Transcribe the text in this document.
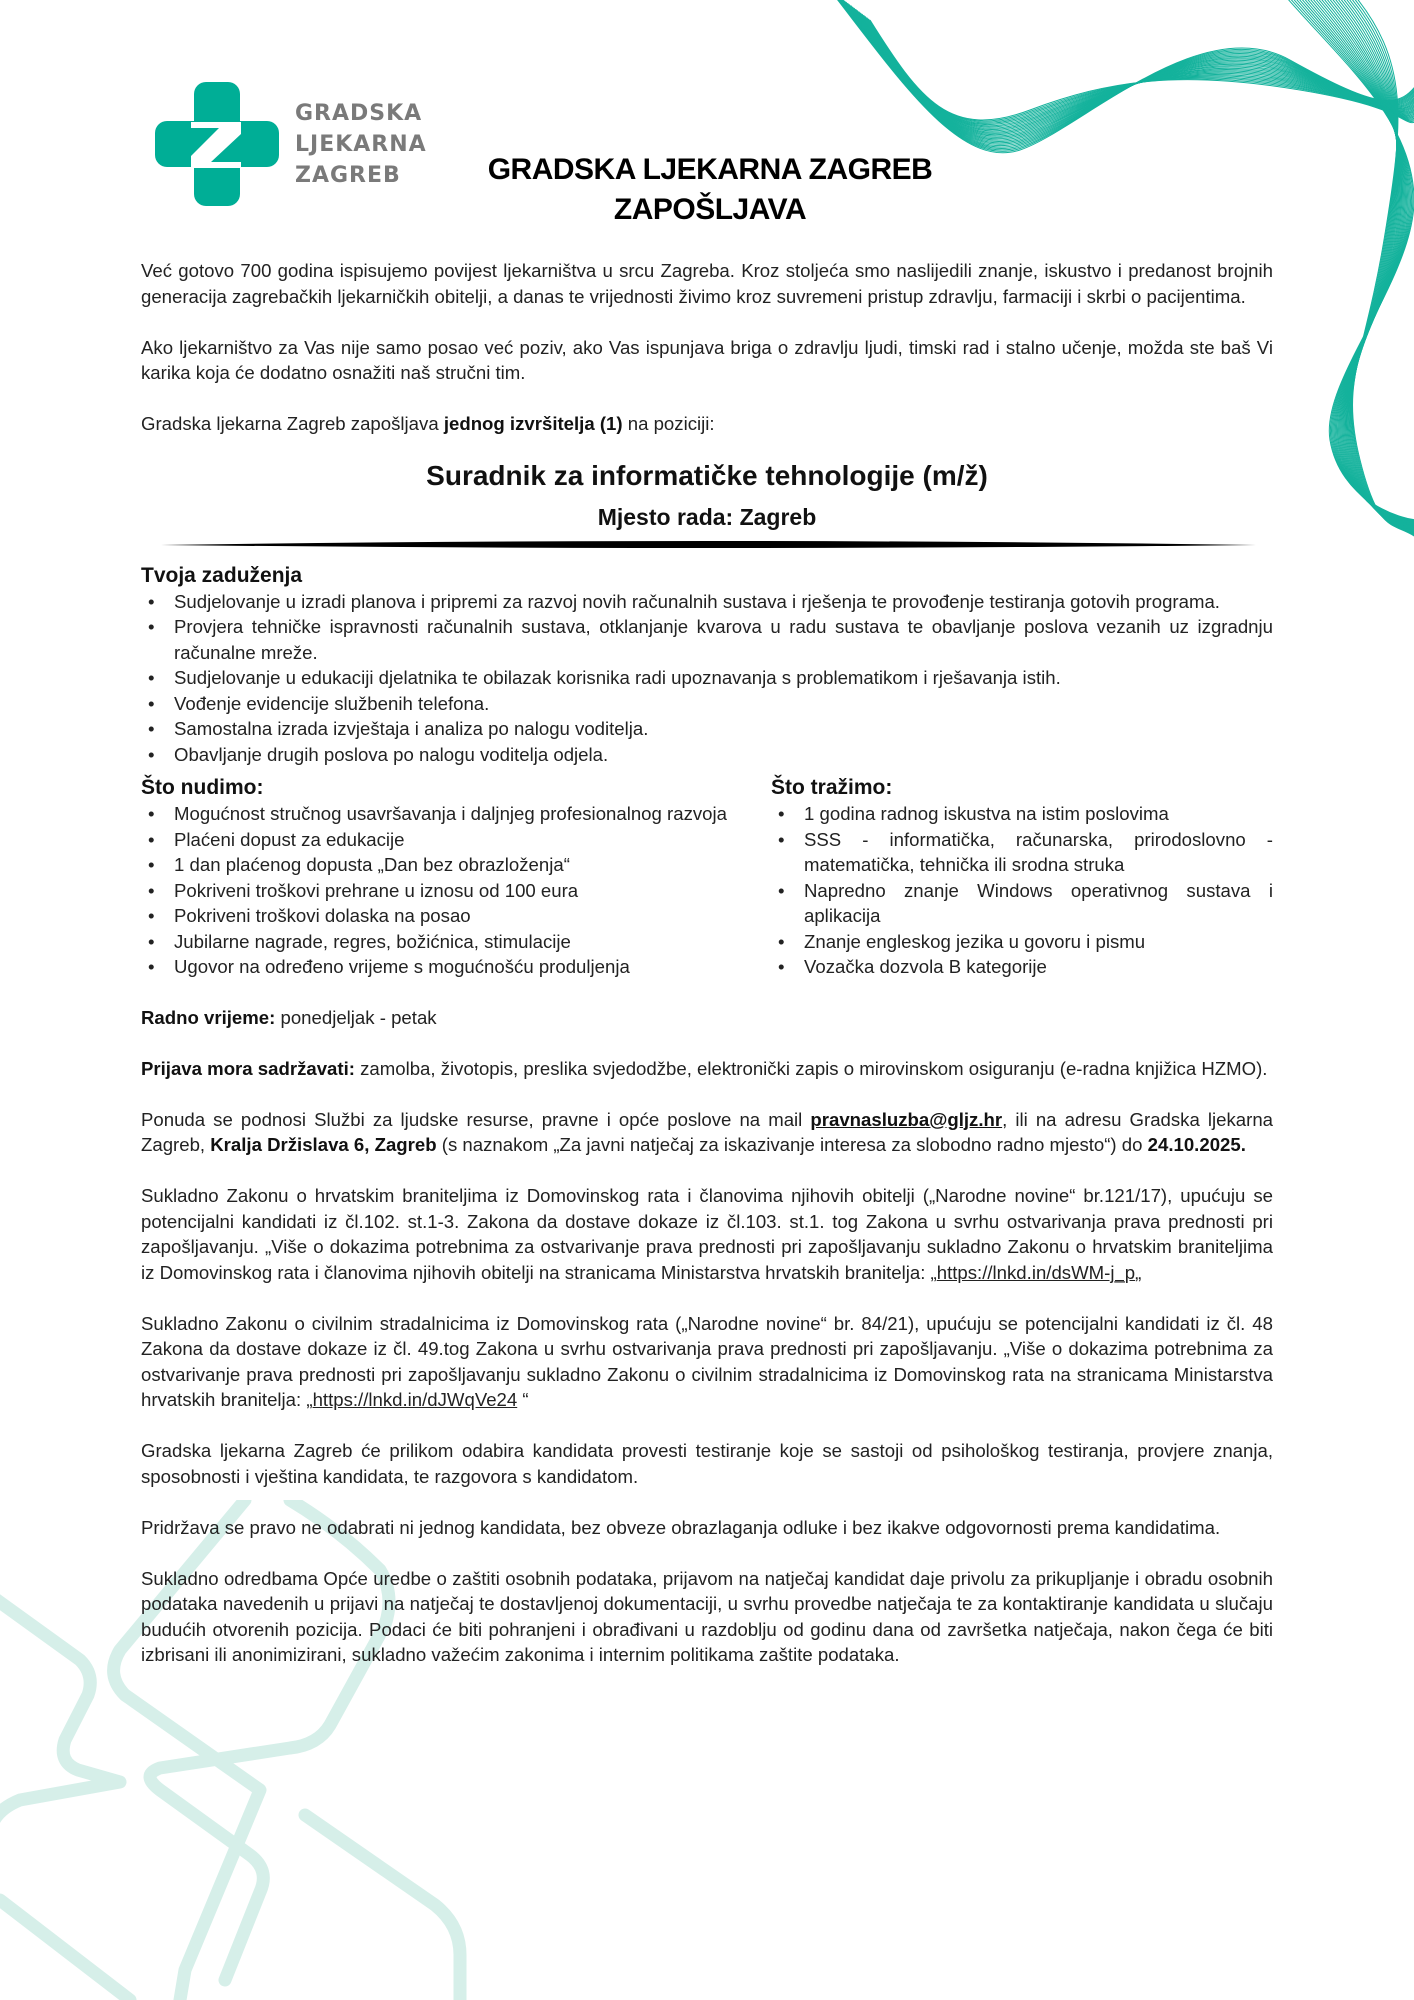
GRADSKA
LJEKARNA
ZAGREB	GRADSKA LJEKARNA ZAGREB
ZAPOŠLJAVA

Već gotovo 700 godina ispisujemo povijest ljekarništva u srcu Zagreba. Kroz stoljeća smo naslijedili znanje, iskustvo i predanost brojnih generacija zagrebačkih ljekarničkih obitelji, a danas te vrijednosti živimo kroz suvremeni pristup zdravlju, farmaciji i skrbi o pacijentima.

Ako ljekarništvo za Vas nije samo posao već poziv, ako Vas ispunjava briga o zdravlju ljudi, timski rad i stalno učenje, možda ste baš Vi karika koja će dodatno osnažiti naš stručni tim.

Gradska ljekarna Zagreb zapošljava jednog izvršitelja (1) na poziciji:

Suradnik za informatičke tehnologije (m/ž)
Mjesto rada: Zagreb
Tvoja zaduženja
• Sudjelovanje u izradi planova i pripremi za razvoj novih računalnih sustava i rješenja te provođenje testiranja gotovih programa.
• Provjera tehničke ispravnosti računalnih sustava, otklanjanje kvarova u radu sustava te obavljanje poslova vezanih uz izgradnju računalne mreže.
• Sudjelovanje u edukaciji djelatnika te obilazak korisnika radi upoznavanja s problematikom i rješavanja istih.
• Vođenje evidencije službenih telefona.
• Samostalna izrada izvještaja i analiza po nalogu voditelja.
• Obavljanje drugih poslova po nalogu voditelja odjela.
Što nudimo:
• Mogućnost stručnog usavršavanja i daljnjeg profesionalnog razvoja
• Plaćeni dopust za edukacije
• 1 dan plaćenog dopusta „Dan bez obrazloženja“
• Pokriveni troškovi prehrane u iznosu od 100 eura
• Pokriveni troškovi dolaska na posao
• Jubilarne nagrade, regres, božićnica, stimulacije
• Ugovor na određeno vrijeme s mogućnošću produljenja
Što tražimo:
• 1 godina radnog iskustva na istim poslovima
• SSS - informatička, računarska, prirodoslovno - matematička, tehnička ili srodna struka
• Napredno znanje Windows operativnog sustava i aplikacija
• Znanje engleskog jezika u govoru i pismu
• Vozačka dozvola B kategorije

Radno vrijeme: ponedjeljak - petak

Prijava mora sadržavati: zamolba, životopis, preslika svjedodžbe, elektronički zapis o mirovinskom osiguranju (e-radna knjižica HZMO).

Ponuda se podnosi Službi za ljudske resurse, pravne i opće poslove na mail pravnasluzba@gljz.hr, ili na adresu Gradska ljekarna Zagreb, Kralja Držislava 6, Zagreb (s naznakom „Za javni natječaj za iskazivanje interesa za slobodno radno mjesto“) do 24.10.2025.

Sukladno Zakonu o hrvatskim braniteljima iz Domovinskog rata i članovima njihovih obitelji („Narodne novine“ br.121/17), upućuju se potencijalni kandidati iz čl.102. st.1-3. Zakona da dostave dokaze iz čl.103. st.1. tog Zakona u svrhu ostvarivanja prava prednosti pri zapošljavanju. „Više o dokazima potrebnima za ostvarivanje prava prednosti pri zapošljavanju sukladno Zakonu o hrvatskim braniteljima iz Domovinskog rata i članovima njihovih obitelji na stranicama Ministarstva hrvatskih branitelja: „https://lnkd.in/dsWM-j_p„

Sukladno Zakonu o civilnim stradalnicima iz Domovinskog rata („Narodne novine“ br. 84/21), upućuju se potencijalni kandidati iz čl. 48 Zakona da dostave dokaze iz čl. 49.tog Zakona u svrhu ostvarivanja prava prednosti pri zapošljavanju. „Više o dokazima potrebnima za ostvarivanje prava prednosti pri zapošljavanju sukladno Zakonu o civilnim stradalnicima iz Domovinskog rata na stranicama Ministarstva hrvatskih branitelja: „https://lnkd.in/dJWqVe24 “

Gradska ljekarna Zagreb će prilikom odabira kandidata provesti testiranje koje se sastoji od psihološkog testiranja, provjere znanja, sposobnosti i vještina kandidata, te razgovora s kandidatom.

Pridržava se pravo ne odabrati ni jednog kandidata, bez obveze obrazlaganja odluke i bez ikakve odgovornosti prema kandidatima.

Sukladno odredbama Opće uredbe o zaštiti osobnih podataka, prijavom na natječaj kandidat daje privolu za prikupljanje i obradu osobnih podataka navedenih u prijavi na natječaj te dostavljenoj dokumentaciji, u svrhu provedbe natječaja te za kontaktiranje kandidata u slučaju budućih otvorenih pozicija. Podaci će biti pohranjeni i obrađivani u razdoblju od godinu dana od završetka natječaja, nakon čega će biti izbrisani ili anonimizirani, sukladno važećim zakonima i internim politikama zaštite podataka.
